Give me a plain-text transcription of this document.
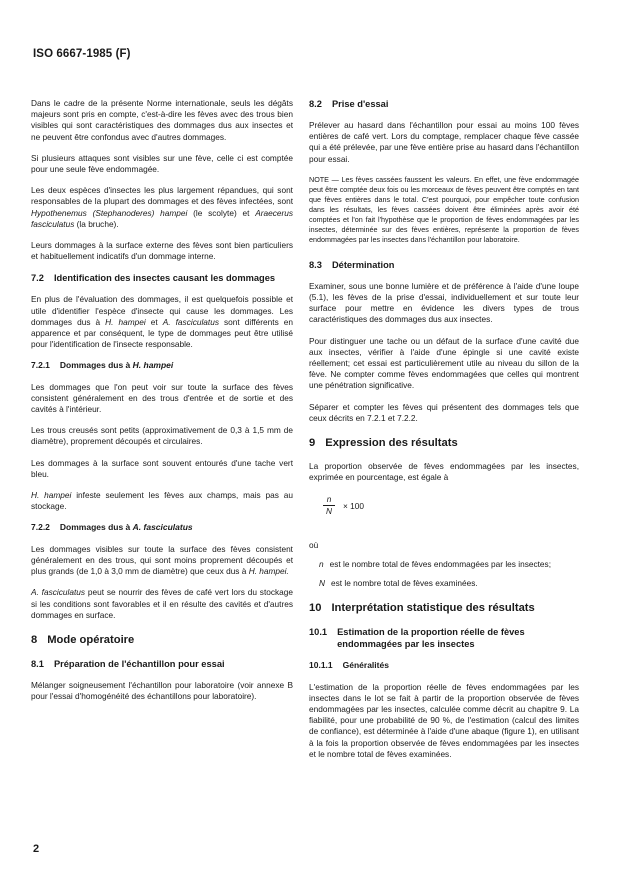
ISO 6667-1985 (F)

Dans le cadre de la présente Norme internationale, seuls les dégâts majeurs sont pris en compte, c'est-à-dire les fèves avec des trous bien visibles qui sont caractéristiques des dommages dus aux insectes et ne peuvent être confondus avec d'autres dommages.

Si plusieurs attaques sont visibles sur une fève, celle ci est comptée pour une seule fève endommagée.

Les deux espèces d'insectes les plus largement répandues, qui sont responsables de la plupart des dommages et des fèves infectées, sont Hypothenemus (Stephanoderes) hampei (le scolyte) et Araecerus fasciculatus (la bruche).

Leurs dommages à la surface externe des fèves sont bien particuliers et habituellement indicatifs d'un dommage interne.

7.2 Identification des insectes causant les dommages

En plus de l'évaluation des dommages, il est quelquefois possible et utile d'identifier l'espèce d'insecte qui cause les dommages. Les dommages dus à H. hampei et A. fasciculatus sont différents en apparence et par conséquent, le type de dommages peut être utilisé pour l'identification de l'insecte responsable.

7.2.1 Dommages dus à H. hampei

Les dommages que l'on peut voir sur toute la surface des fèves consistent généralement en des trous d'entrée et de sortie et des cavités à l'intérieur.

Les trous creusés sont petits (approximativement de 0,3 à 1,5 mm de diamètre), proprement découpés et circulaires.

Les dommages à la surface sont souvent entourés d'une tache vert bleu.

H. hampei infeste seulement les fèves aux champs, mais pas au stockage.

7.2.2 Dommages dus à A. fasciculatus

Les dommages visibles sur toute la surface des fèves consistent généralement en des trous, qui sont moins proprement découpés et plus grands (de 1,0 à 3,0 mm de diamètre) que ceux dus à H. hampei.

A. fasciculatus peut se nourrir des fèves de café vert lors du stockage si les conditions sont favorables et il en résulte des cavités et d'autres dommages en surface.

8 Mode opératoire
8.1 Préparation de l'échantillon pour essai

Mélanger soigneusement l'échantillon pour laboratoire (voir annexe B pour l'essai d'homogénéité des échantillons pour laboratoire).

8.2 Prise d'essai

Prélever au hasard dans l'échantillon pour essai au moins 100 fèves entières de café vert. Lors du comptage, remplacer chaque fève cassée qui a été prélevée, par une fève entière prise au hasard dans l'échantillon pour essai.

NOTE — Les fèves cassées faussent les valeurs. En effet, une fève endommagée peut être comptée deux fois ou les morceaux de fèves peuvent être comptés en tant que fèves entières dans le total. C'est pourquoi, pour empêcher toute confusion dans les résultats, les fèves cassées doivent être éliminées après avoir été comptées et l'on fait l'hypothèse que le proportion de fèves endommagées par les insectes, déterminée sur des fèves entières, représente la proportion de fèves endommagées par les insectes dans l'échantillon pour laboratoire.

8.3 Détermination

Examiner, sous une bonne lumière et de préférence à l'aide d'une loupe (5.1), les fèves de la prise d'essai, individuellement et sur toute leur surface pour mettre en évidence les divers types de trous caractéristiques des dommages dus aux insectes.

Pour distinguer une tache ou un défaut de la surface d'une cavité due aux insectes, vérifier à l'aide d'une épingle si une cavité existe réellement; cet essai est particulièrement utile au niveau du sillon de la fève. Ne compter comme fèves endommagées que celles qui montrent une pénétration significative.

Séparer et compter les fèves qui présentent des dommages tels que ceux décrits en 7.2.1 et 7.2.2.

9 Expression des résultats

La proportion observée de fèves endommagées par les insectes, exprimée en pourcentage, est égale à

$\frac{n}{N} \times 100$

où

n est le nombre total de fèves endommagées par les insectes;
N est le nombre total de fèves examinées.
10 Interprétation statistique des résultats
10.1 Estimation de la proportion réelle de fèves endommagées par les insectes
10.1.1 Généralités

L'estimation de la proportion réelle de fèves endommagées par les insectes dans le lot se fait à partir de la proportion observée de fèves endommagées par les insectes, calculée comme décrit au chapitre 9. La fiabilité, pour une probabilité de 90 %, de l'estimation (calcul des limites de confiance), est déterminée à l'aide d'une abaque (figure 1), en utilisant à la fois la proportion observée de fèves endommagées par les insectes et le nombre total de fèves examinées.

2
